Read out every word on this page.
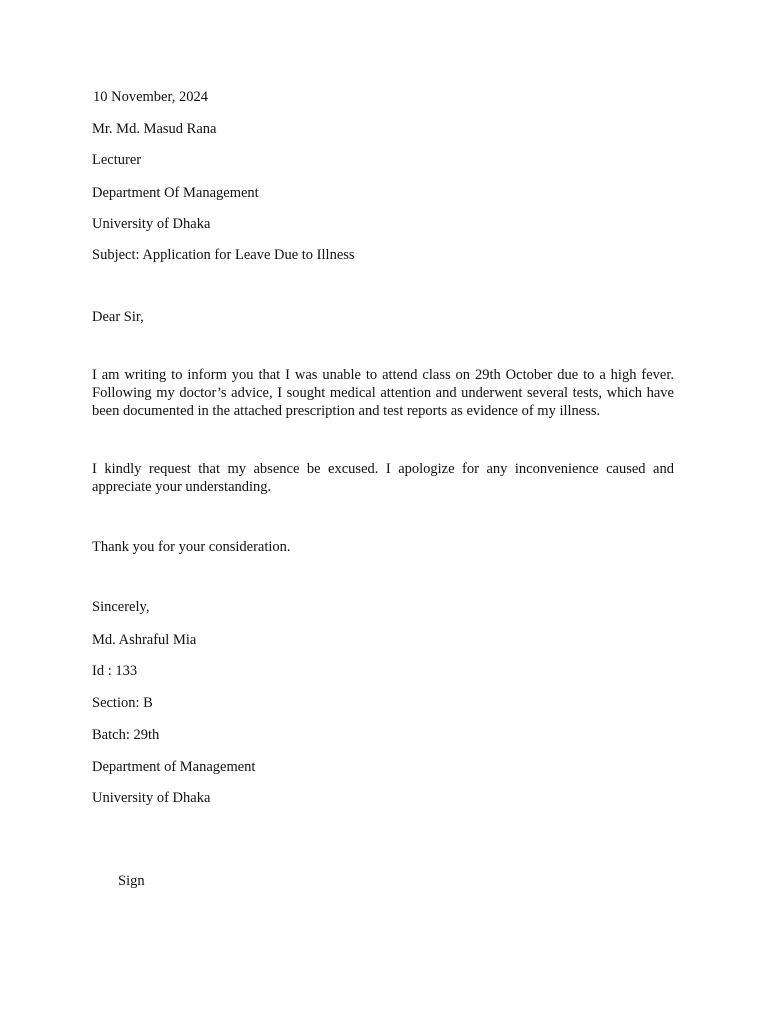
10 November, 2024
Mr. Md. Masud Rana
Lecturer
Department Of Management
University of Dhaka
Subject: Application for Leave Due to Illness
Dear Sir,
I am writing to inform you that I was unable to attend class on 29th October due to a high fever. Following my doctor’s advice, I sought medical attention and underwent several tests, which have been documented in the attached prescription and test reports as evidence of my illness.
I kindly request that my absence be excused. I apologize for any inconvenience caused and appreciate your understanding.
Thank you for your consideration.
Sincerely,
Md. Ashraful Mia
Id : 133
Section: B
Batch: 29th
Department of Management
University of Dhaka
Sign
